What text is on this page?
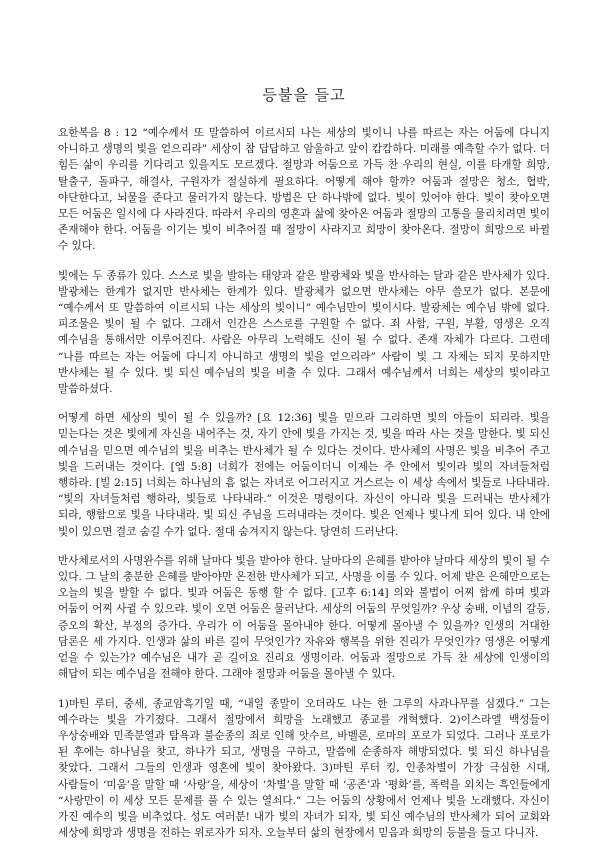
등불을 들고

요한복음 8 : 12 “예수께서 또 말씀하여 이르시되 나는 세상의 빛이니 나를 따르는 자는 어둠에 다니지 아니하고 생명의 빛을 얻으리라” 세상이 참 답답하고 암울하고 앞이 캄캄하다. 미래를 예측할 수가 없다. 더 힘든 삶이 우리를 기다리고 있을지도 모르겠다. 절망과 어둠으로 가득 찬 우리의 현실, 이를 타개할 희망, 탈출구, 돌파구, 해결사, 구원자가 절실하게 필요하다. 어떻게 해야 할까? 어둠과 절망은 청소, 협박, 야단한다고, 뇌물을 준다고 물러가지 않는다. 방법은 단 하나밖에 없다. 빛이 있어야 한다. 빛이 찾아오면 모든 어둠은 일시에 다 사라진다. 따라서 우리의 영혼과 삶에 찾아온 어둠과 절망의 고통을 물리치려면 빛이 존재해야 한다. 어둠을 이기는 빛이 비추어질 때 절망이 사라지고 희망이 찾아온다. 절망이 희망으로 바뀔 수 있다.

빛에는 두 종류가 있다. 스스로 빛을 발하는 태양과 같은 발광체와 빛을 반사하는 달과 같은 반사체가 있다. 발광체는 한계가 없지만 반사체는 한계가 있다. 발광체가 없으면 반사체는 아무 쓸모가 없다. 본문에 “예수께서 또 말씀하여 이르시되 나는 세상의 빛이니” 예수님만이 빛이시다. 발광체는 예수님 밖에 없다. 피조물은 빛이 될 수 없다. 그래서 인간은 스스로를 구원할 수 없다. 죄 사함, 구원, 부활, 영생은 오직 예수님을 통해서만 이루어진다. 사람은 아무리 노력해도 신이 될 수 없다. 존재 자체가 다르다. 그런데 “나를 따르는 자는 어둠에 다니지 아니하고 생명의 빛을 얻으리라” 사람이 빛 그 자체는 되지 못하지만 반사체는 될 수 있다. 빛 되신 예수님의 빛을 비출 수 있다. 그래서 예수님께서 너희는 세상의 빛이라고 말씀하셨다.

어떻게 하면 세상의 빛이 될 수 있을까? [요 12:36] 빛을 믿으라 그리하면 빛의 아들이 되리라. 빛을 믿는다는 것은 빛에게 자신을 내어주는 것, 자기 안에 빛을 가지는 것, 빛을 따라 사는 것을 말한다. 빛 되신 예수님을 믿으면 예수님의 빛을 비추는 반사체가 될 수 있다는 것이다. 반사체의 사명은 빛을 비추어 주고 빛을 드러내는 것이다. [엡 5:8] 너희가 전에는 어둠이더니 이제는 주 안에서 빛이라 빛의 자녀들처럼 행하라. [빌 2:15] 너희는 하나님의 흠 없는 자녀로 어그러지고 거스르는 이 세상 속에서 빛들로 나타내라. “빛의 자녀들처럼 행하라, 빛들로 나타내라.” 이것은 명령이다. 자신이 아니라 빛을 드러내는 반사체가 되라, 행함으로 빛을 나타내라. 빛 되신 주님을 드러내라는 것이다. 빛은 언제나 빛나게 되어 있다. 내 안에 빛이 있으면 결코 숨길 수가 없다. 절대 숨겨지지 않는다. 당연히 드러난다.

반사체로서의 사명완수를 위해 날마다 빛을 받아야 한다. 날마다의 은혜를 받아야 날마다 세상의 빛이 될 수 있다. 그 날의 충분한 은혜를 받아야만 온전한 반사체가 되고, 사명을 이룰 수 있다. 어제 받은 은혜만으로는 오늘의 빛을 발할 수 없다. 빛과 어둠은 동행 할 수 없다. [고후 6:14] 의와 불법이 어찌 함께 하며 빛과 어둠이 어찌 사귈 수 있으랴. 빛이 오면 어둠은 물러난다. 세상의 어둠의 무엇일까? 우상 숭배, 이념의 갈등, 증오의 확산, 부정의 증가다. 우리가 이 어둠을 몰아내야 한다. 어떻게 몰아낼 수 있을까? 인생의 거대한 담론은 세 가지다. 인생과 삶의 바른 길이 무엇인가? 자유와 행복을 위한 진리가 무엇인가? 영생은 어떻게 얻을 수 있는가? 예수님은 내가 곧 길이요 진리요 생명이라. 어둠과 절망으로 가득 찬 세상에 인생이의 해답이 되는 예수님을 전해야 한다. 그래야 절망과 어둠을 몰아낼 수 있다.

1)마틴 루터, 중세, 종교암흑기일 때, “내일 종말이 오더라도 나는 한 그루의 사과나무를 심겠다.” 그는 예수라는 빛을 가기졌다. 그래서 절망에서 희망을 노래했고 종교를 개혁했다. 2)이스라엘 백성들이 우상숭배와 민족분열과 탐욕과 불순종의 죄로 인해 앗수르, 바벨론, 로마의 포로가 되었다. 그러나 포로가 된 후에는 하나님을 찾고, 하나가 되고, 생명을 구하고, 말씀에 순종하자 해방되었다. 빛 되신 하나님을 찾았다. 그래서 그들의 인생과 영혼에 빛이 찾아왔다. 3)마틴 루터 킹, 인종차별이 가장 극심한 시대, 사람들이 ‘미움’을 말할 때 ‘사랑’을, 세상이 ‘차별’을 말할 때 ‘공존’과 ‘평화’를, 폭력을 외치는 흑인들에게 “사랑만이 이 세상 모든 문제를 풀 수 있는 열쇠다.” 그는 어둠의 상황에서 언제나 빛을 노래했다. 자신이 가진 예수의 빛을 비추었다. 성도 여러분! 내가 빛의 자녀가 되자, 빛 되신 예수님의 반사체가 되어 교회와 세상에 희망과 생명을 전하는 위로자가 되자. 오늘부터 삶의 현장에서 믿음과 희망의 등불을 들고 다니자.
